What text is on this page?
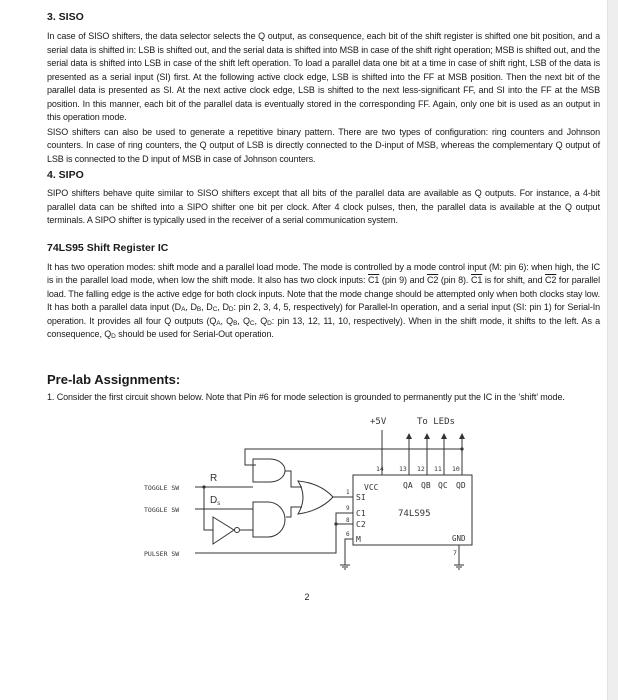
3. SISO
In case of SISO shifters, the data selector selects the Q output, as consequence, each bit of the shift register is shifted one bit position, and a serial data is shifted in: LSB is shifted out, and the serial data is shifted into MSB in case of the shift right operation; MSB is shifted out, and the serial data is shifted into LSB in case of the shift left operation. To load a parallel data one bit at a time in case of shift right, LSB of the data is presented as a serial input (SI) first. At the following active clock edge, LSB is shifted into the FF at MSB position. Then the next bit of the parallel data is presented as SI. At the next active clock edge, LSB is shifted to the next less-significant FF, and SI into the FF at the MSB position. In this manner, each bit of the parallel data is eventually stored in the corresponding FF. Again, only one bit is used as an output in this operation mode.
SISO shifters can also be used to generate a repetitive binary pattern. There are two types of configuration: ring counters and Johnson counters. In case of ring counters, the Q output of LSB is directly connected to the D-input of MSB, whereas the complementary Q output of LSB is connected to the D input of MSB in case of Johnson counters.
4. SIPO
SIPO shifters behave quite similar to SISO shifters except that all bits of the parallel data are available as Q outputs. For instance, a 4-bit parallel data can be shifted into a SIPO shifter one bit per clock. After 4 clock pulses, then, the parallel data is available at the Q output terminals. A SIPO shifter is typically used in the receiver of a serial communication system.
74LS95 Shift Register IC
It has two operation modes: shift mode and a parallel load mode. The mode is controlled by a mode control input (M: pin 6): when high, the IC is in the parallel load mode, when low the shift mode. It also has two clock inputs: C1 (pin 9) and C2 (pin 8). C1 is for shift, and C2 for parallel load. The falling edge is the active edge for both clock inputs. Note that the mode change should be attempted only when both clocks stay low. It has both a parallel data input (DA, DB, DC, DD: pin 2, 3, 4, 5, respectively) for Parallel-In operation, and a serial input (SI: pin 1) for Serial-In operation. It provides all four Q outputs (QA, QB, QC, QD: pin 13, 12, 11, 10, respectively). When in the shift mode, it shifts to the left. As a consequence, QD should be used for Serial-Out operation.
Pre-lab Assignments:
1. Consider the first circuit shown below. Note that Pin #6 for mode selection is grounded to permanently put the IC in the ‘shift’ mode.
+5V	To LEDs
TOGGLE SW
TOGGLE SW
PULSER SW
R
$D_s$
14
VCC
13 12 11 10
QA QB QC QD
SI
C1
C2
M
1
9
8
6
74LS95
GND
7
2
